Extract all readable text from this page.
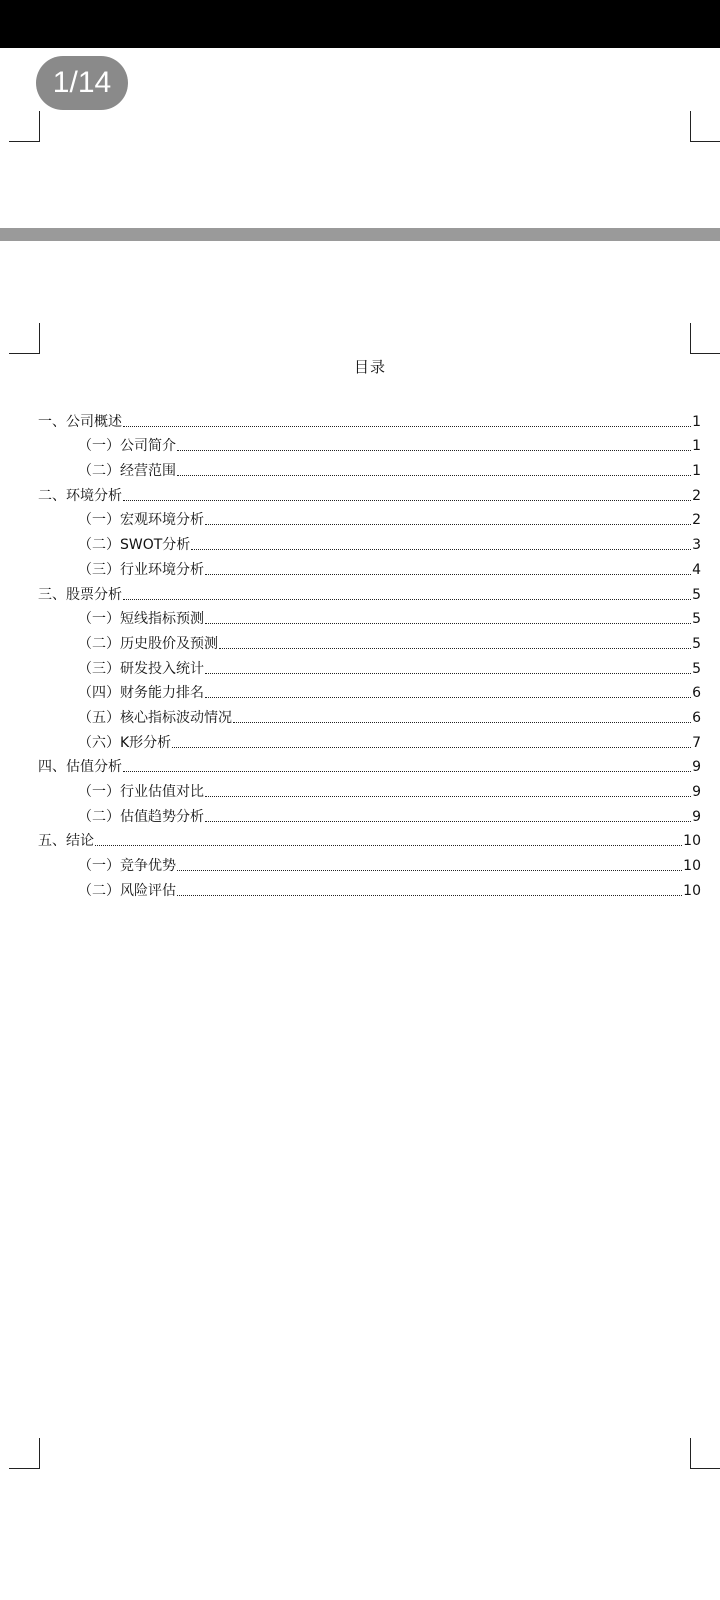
1/14
目录
一、公司概述	1
（一）公司简介	1
（二）经营范围	1
二、环境分析	2
（一）宏观环境分析	2
（二）SWOT分析	3
（三）行业环境分析	4
三、股票分析	5
（一）短线指标预测	5
（二）历史股价及预测	5
（三）研发投入统计	5
（四）财务能力排名	6
（五）核心指标波动情况	6
（六）K形分析	7
四、估值分析	9
（一）行业估值对比	9
（二）估值趋势分析	9
五、结论	10
（一）竞争优势	10
（二）风险评估	10
